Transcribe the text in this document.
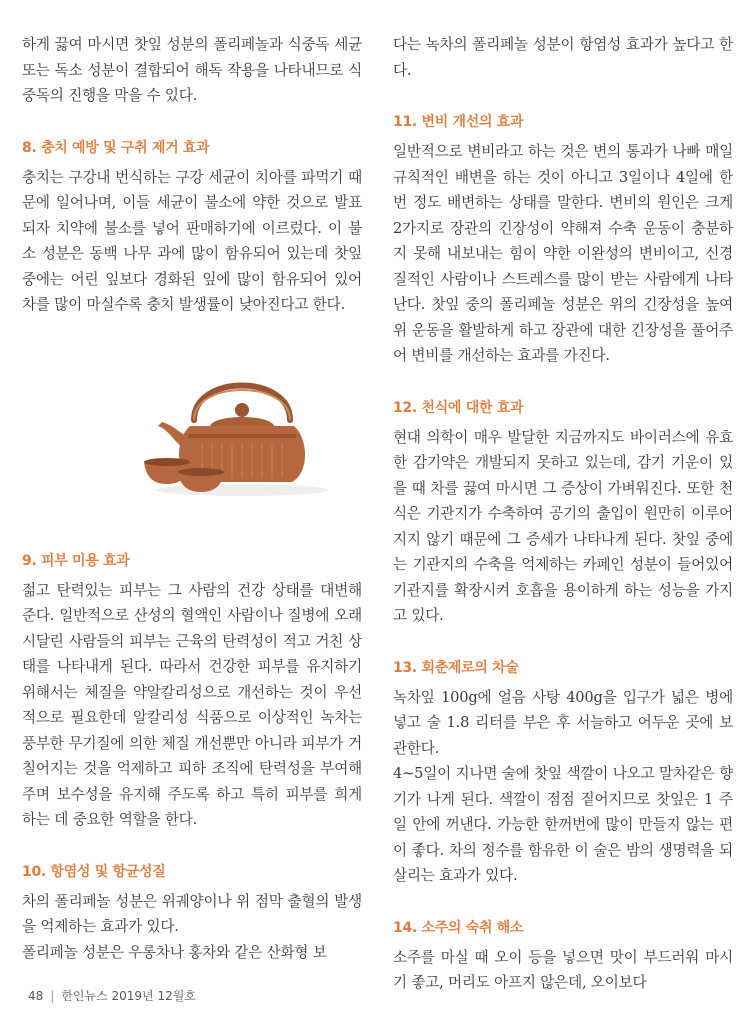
하게 끓여 마시면 찻잎 성분의 폴리페놀과 식중독 세균 또는 독소 성분이 결합되어 해독 작용을 나타내므로 식중독의 진행을 막을 수 있다.

8. 충치 예방 및 구취 제거 효과

충치는 구강내 번식하는 구강 세균이 치아를 파먹기 때문에 일어나며, 이들 세균이 불소에 약한 것으로 발표되자 치약에 불소를 넣어 판매하기에 이르렀다. 이 불소 성분은 동백 나무 과에 많이 함유되어 있는데 찻잎 중에는 어린 잎보다 경화된 잎에 많이 함유되어 있어 차를 많이 마실수록 충치 발생률이 낮아진다고 한다.

9. 피부 미용 효과

젊고 탄력있는 피부는 그 사람의 건강 상태를 대변해 준다. 일반적으로 산성의 혈액인 사람이나 질병에 오래 시달린 사람들의 피부는 근육의 탄력성이 적고 거친 상태를 나타내게 된다. 따라서 건강한 피부를 유지하기 위해서는 체질을 약알칼리성으로 개선하는 것이 우선적으로 필요한데 알칼리성 식품으로 이상적인 녹차는 풍부한 무기질에 의한 체질 개선뿐만 아니라 피부가 거칠어지는 것을 억제하고 피하 조직에 탄력성을 부여해 주며 보수성을 유지해 주도록 하고 특히 피부를 희게 하는 데 중요한 역할을 한다.

10. 항염성 및 항균성질

차의 폴리페놀 성분은 위궤양이나 위 점막 출혈의 발생을 억제하는 효과가 있다.

폴리페놀 성분은 우롱차나 홍차와 같은 산화형 보

다는 녹차의 폴리페놀 성분이 항염성 효과가 높다고 한다.

11. 변비 개선의 효과

일반적으로 변비라고 하는 것은 변의 통과가 나빠 매일 규칙적인 배변을 하는 것이 아니고 3일이나 4일에 한 번 정도 배변하는 상태를 말한다. 변비의 원인은 크게 2가지로 장관의 긴장성이 약해져 수축 운동이 충분하지 못해 내보내는 힘이 약한 이완성의 변비이고, 신경질적인 사람이나 스트레스를 많이 받는 사람에게 나타난다. 찻잎 중의 폴리페놀 성분은 위의 긴장성을 높여 위 운동을 활발하게 하고 장관에 대한 긴장성을 풀어주어 변비를 개선하는 효과를 가진다.

12. 천식에 대한 효과

현대 의학이 매우 발달한 지금까지도 바이러스에 유효한 감기약은 개발되지 못하고 있는데, 감기 기운이 있을 때 차를 끓여 마시면 그 증상이 가벼워진다. 또한 천식은 기관지가 수축하여 공기의 출입이 원만히 이루어지지 않기 때문에 그 증세가 나타나게 된다. 찻잎 중에는 기관지의 수축을 억제하는 카페인 성분이 들어있어 기관지를 확장시켜 호흡을 용이하게 하는 성능을 가지고 있다.

13. 회춘제로의 차술

녹차잎 100g에 얼음 사탕 400g을 입구가 넓은 병에 넣고 술 1.8 리터를 부은 후 서늘하고 어두운 곳에 보관한다.

4~5일이 지나면 술에 찻잎 색깔이 나오고 말차같은 향기가 나게 된다. 색깔이 점점 짙어지므로 찻잎은 1 주일 안에 꺼낸다. 가능한 한꺼번에 많이 만들지 않는 편이 좋다. 차의 정수를 함유한 이 술은 밤의 생명력을 되살리는 효과가 있다.

14. 소주의 숙취 해소

소주를 마실 때 오이 등을 넣으면 맛이 부드러워 마시기 좋고, 머리도 아프지 않은데, 오이보다

48 | 한인뉴스 2019년 12월호
